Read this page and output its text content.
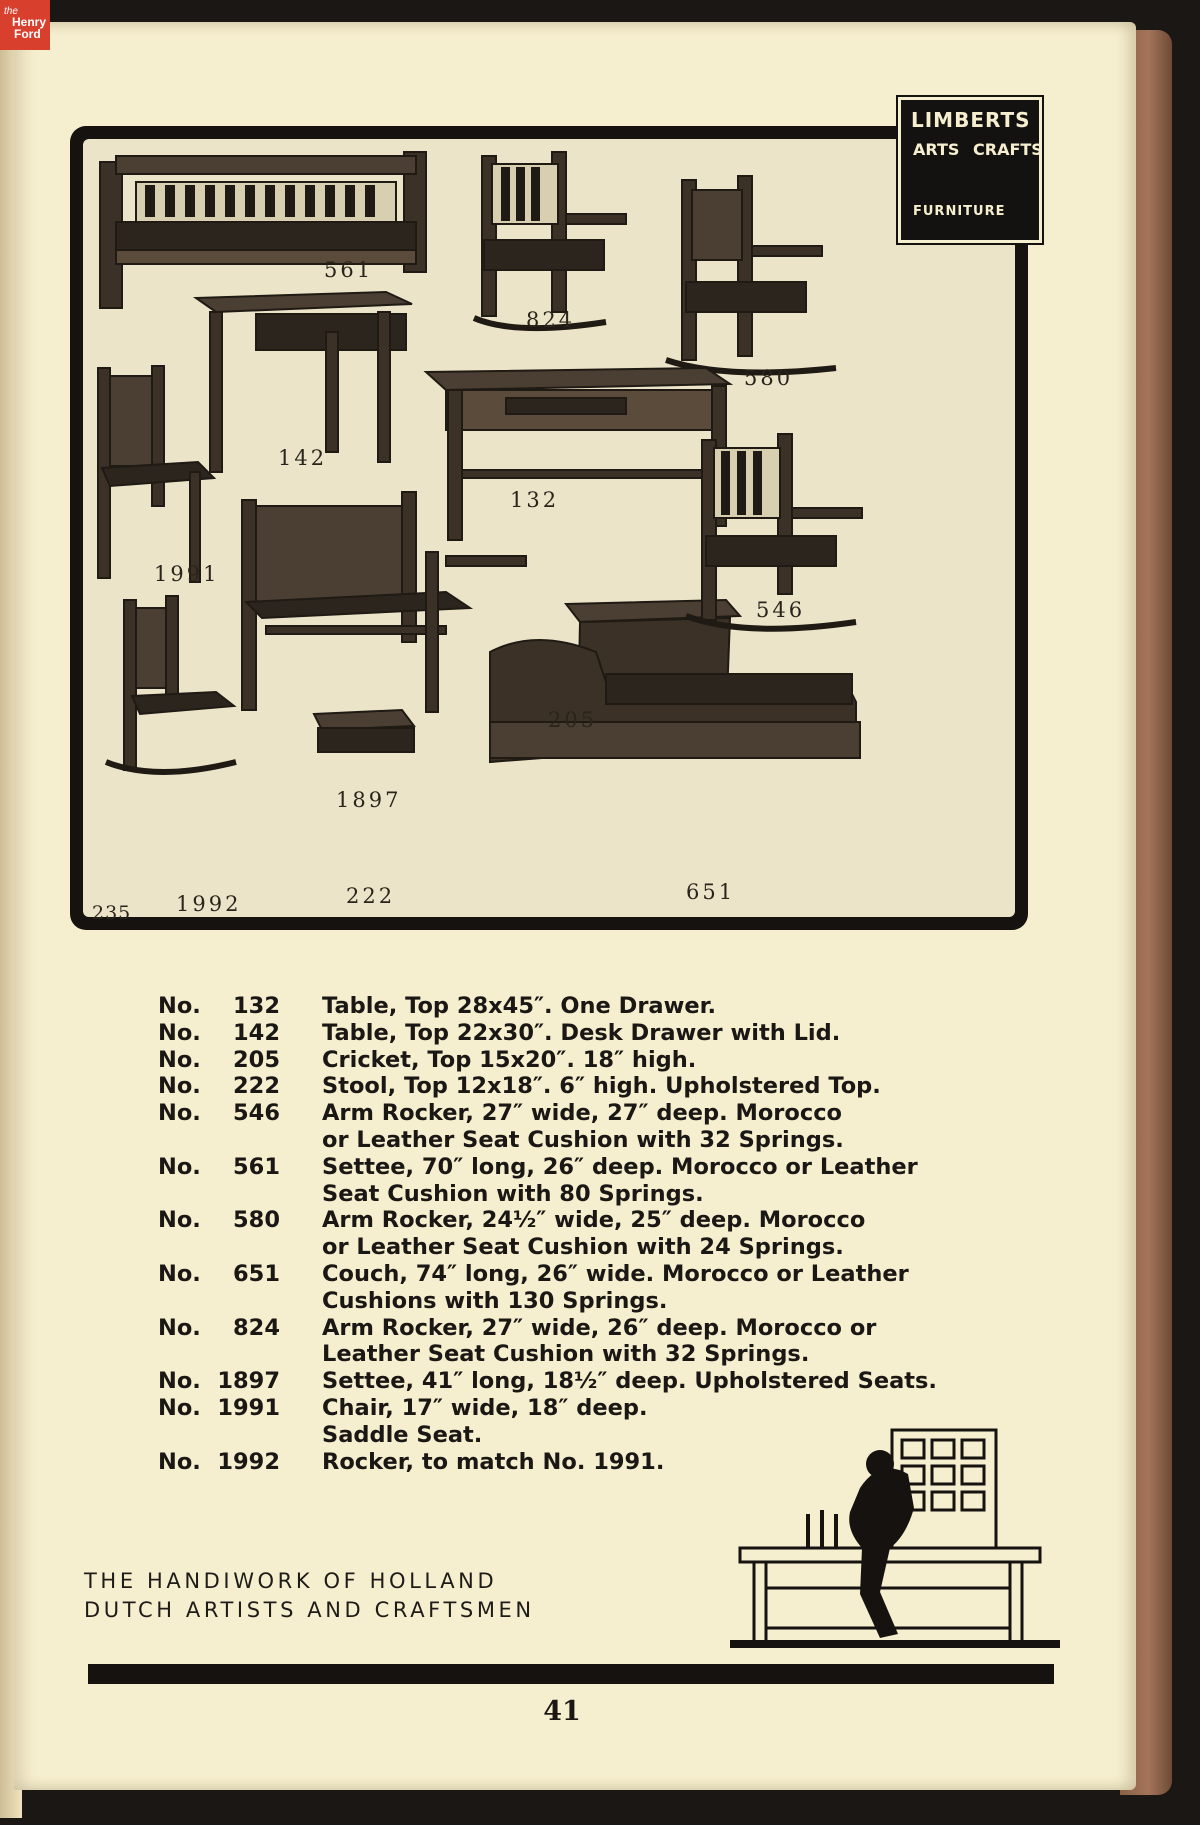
the
Henry
Ford
561
824
580
142
132
1991
205
546
1897
222
235 1992	651
LIMBERTS
ARTS CRAFTS
FURNITURE
No.	132	Table, Top 28x45″. One Drawer.
No.	142	Table, Top 22x30″. Desk Drawer with Lid.
No.	205	Cricket, Top 15x20″. 18″ high.
No.	222	Stool, Top 12x18″. 6″ high. Upholstered Top.
No.	546	Arm Rocker, 27″ wide, 27″ deep. Morocco
or Leather Seat Cushion with 32 Springs.
No.	561	Settee, 70″ long, 26″ deep. Morocco or Leather
Seat Cushion with 80 Springs.
No.	580	Arm Rocker, 24½″ wide, 25″ deep. Morocco
or Leather Seat Cushion with 24 Springs.
No.	651	Couch, 74″ long, 26″ wide. Morocco or Leather
Cushions with 130 Springs.
No.	824	Arm Rocker, 27″ wide, 26″ deep. Morocco or
Leather Seat Cushion with 32 Springs.
No. 1897	Settee, 41″ long, 18½″ deep. Upholstered Seats.
No. 1991	Chair, 17″ wide, 18″ deep.
Saddle Seat.
No. 1992	Rocker, to match No. 1991.
THE HANDIWORK OF HOLLAND
DUTCH ARTISTS AND CRAFTSMEN
41
